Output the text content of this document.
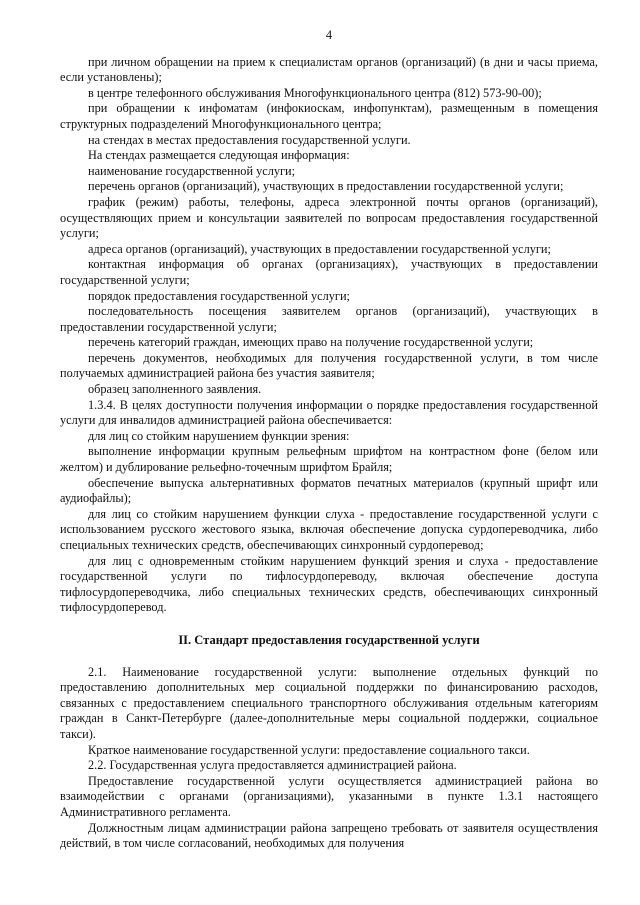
4

при личном обращении на прием к специалистам органов (организаций) (в дни и часы приема, если установлены);

в центре телефонного обслуживания Многофункционального центра (812) 573-90-00);

при обращении к инфоматам (инфокиоскам, инфопунктам), размещенным в помещения структурных подразделений Многофункционального центра;

на стендах в местах предоставления государственной услуги.

На стендах размещается следующая информация:

наименование государственной услуги;

перечень органов (организаций), участвующих в предоставлении государственной услуги;

график (режим) работы, телефоны, адреса электронной почты органов (организаций), осуществляющих прием и консультации заявителей по вопросам предоставления государственной услуги;

адреса органов (организаций), участвующих в предоставлении государственной услуги;

контактная информация об органах (организациях), участвующих в предоставлении государственной услуги;

порядок предоставления государственной услуги;

последовательность посещения заявителем органов (организаций), участвующих в предоставлении государственной услуги;

перечень категорий граждан, имеющих право на получение государственной услуги;

перечень документов, необходимых для получения государственной услуги, в том числе получаемых администрацией района без участия заявителя;

образец заполненного заявления.

1.3.4. В целях доступности получения информации о порядке предоставления государственной услуги для инвалидов администрацией района обеспечивается:

для лиц со стойким нарушением функции зрения:

выполнение информации крупным рельефным шрифтом на контрастном фоне (белом или желтом) и дублирование рельефно-точечным шрифтом Брайля;

обеспечение выпуска альтернативных форматов печатных материалов (крупный шрифт или аудиофайлы);

для лиц со стойким нарушением функции слуха - предоставление государственной услуги с использованием русского жестового языка, включая обеспечение допуска сурдопереводчика, либо специальных технических средств, обеспечивающих синхронный сурдоперевод;

для лиц с одновременным стойким нарушением функций зрения и слуха - предоставление государственной услуги по тифлосурдопереводу, включая обеспечение доступа тифлосурдопереводчика, либо специальных технических средств, обеспечивающих синхронный тифлосурдоперевод.

II. Стандарт предоставления государственной услуги

2.1. Наименование государственной услуги: выполнение отдельных функций по предоставлению дополнительных мер социальной поддержки по финансированию расходов, связанных с предоставлением специального транспортного обслуживания отдельным категориям граждан в Санкт-Петербурге (далее-дополнительные меры социальной поддержки, социальное такси).

Краткое наименование государственной услуги: предоставление социального такси.

2.2. Государственная услуга предоставляется администрацией района.

Предоставление государственной услуги осуществляется администрацией района во взаимодействии с органами (организациями), указанными в пункте 1.3.1 настоящего Административного регламента.

Должностным лицам администрации района запрещено требовать от заявителя осуществления действий, в том числе согласований, необходимых для получения
